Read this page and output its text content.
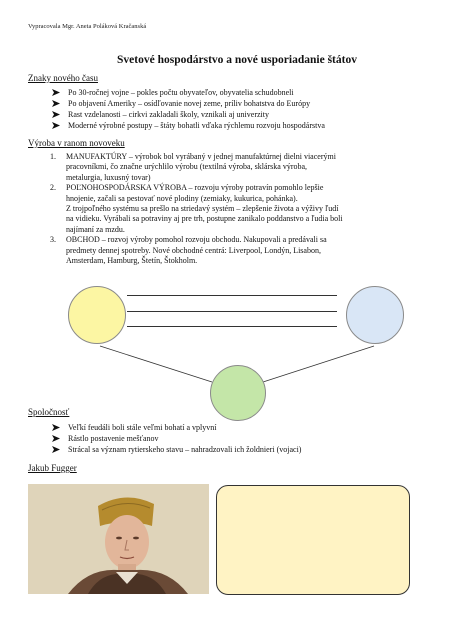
Vypracovala Mgr. Aneta Poláková Kračanská
Svetové hospodárstvo a nové usporiadanie štátov
Znaky nového času
Po 30-ročnej vojne – pokles počtu obyvateľov, obyvatelia schudobneli
Po objavení Ameriky – osídľovanie novej zeme, príliv bohatstva do Európy
Rast vzdelanosti – cirkvi zakladali školy, vznikali aj univerzity
Moderné výrobné postupy – štáty bohatli vďaka rýchlemu rozvoju hospodárstva
Výroba v ranom novoveku
1. MANUFAKTÚRY – výrobok bol vyrábaný v jednej manufaktúrnej dielni viacerými
pracovníkmi, čo značne urýchlilo výrobu (textilná výroba, sklárska výroba,
metalurgia, luxusný tovar)
2. POĽNOHOSPODÁRSKA VÝROBA – rozvoju výroby potravín pomohlo lepšie
hnojenie, začali sa pestovať nové plodiny (zemiaky, kukurica, pohánka).
Z trojpoľného systému sa prešlo na striedavý systém – zlepšenie života a výživy ľudí
na vidieku. Vyrábali sa potraviny aj pre trh, postupne zanikalo poddanstvo a ľudia boli
najímaní za mzdu.
3. OBCHOD – rozvoj výroby pomohol rozvoju obchodu. Nakupovali a predávali sa
predmety dennej spotreby. Nové obchodné centrá: Liverpool, Londýn, Lisabon,
Amsterdam, Hamburg, Štetín, Štokholm.
Spoločnosť
Veľkí feudáli boli stále veľmi bohatí a vplyvní
Rástlo postavenie mešťanov
Strácal sa význam rytierskeho stavu – nahradzovali ich žoldnieri (vojaci)
Jakub Fugger
